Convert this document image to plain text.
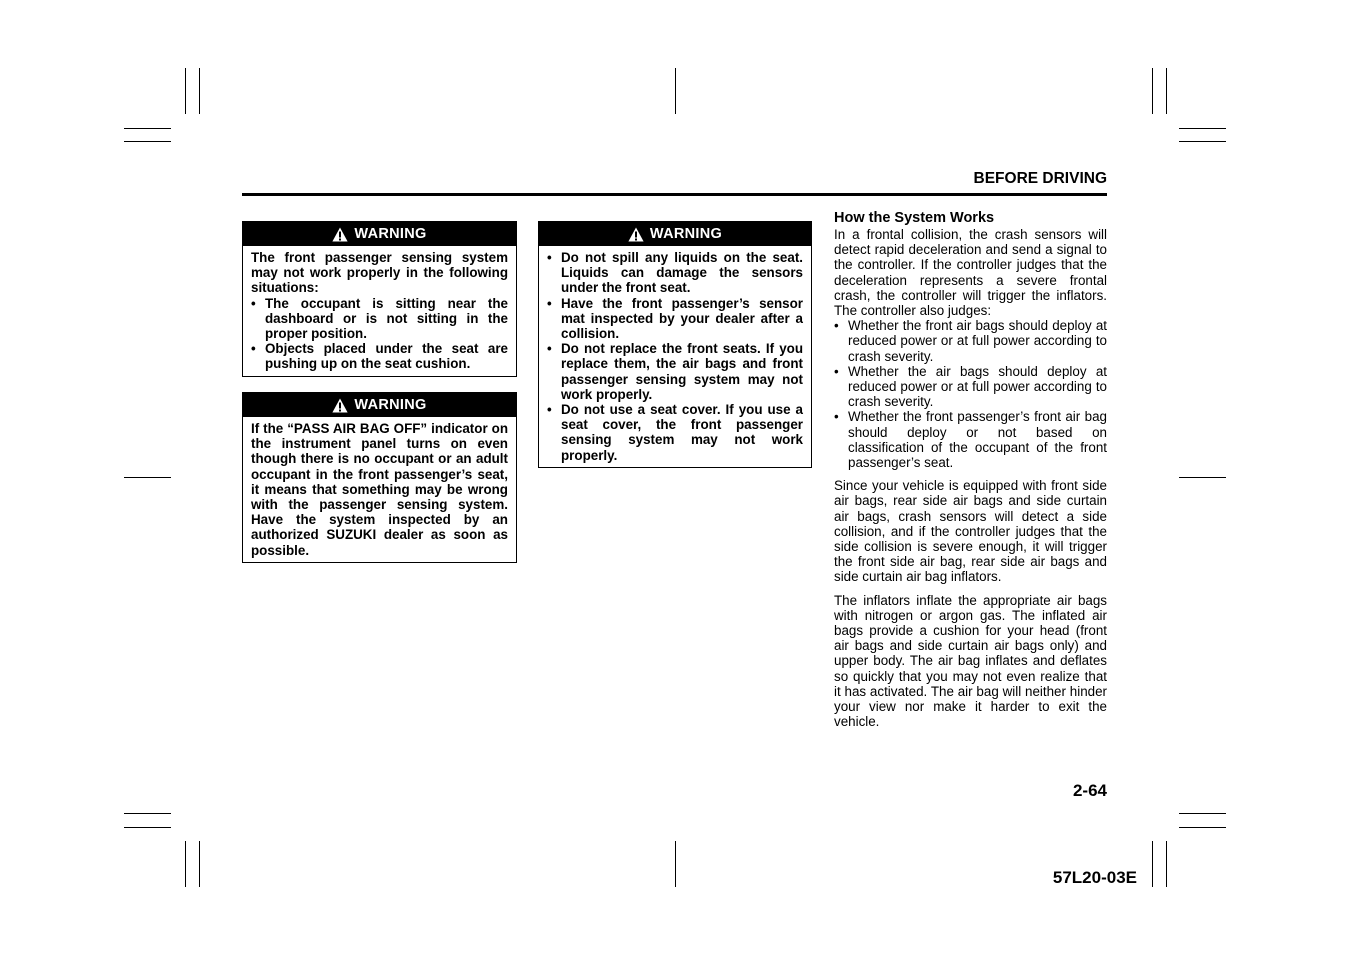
BEFORE DRIVING
WARNING

The front passenger sensing system may not work properly in the following situations:

• The occupant is sitting near the dashboard or is not sitting in the proper position.
• Objects placed under the seat are pushing up on the seat cushion.
WARNING

If the “PASS AIR BAG OFF” indicator on the instrument panel turns on even though there is no occupant or an adult occupant in the front passenger’s seat, it means that something may be wrong with the passenger sensing system. Have the system inspected by an authorized SUZUKI dealer as soon as possible.

WARNING
• Do not spill any liquids on the seat. Liquids can damage the sensors under the front seat.
• Have the front passenger’s sensor mat inspected by your dealer after a collision.
• Do not replace the front seats. If you replace them, the air bags and front passenger sensing system may not work properly.
• Do not use a seat cover. If you use a seat cover, the front passenger sensing system may not work properly.
How the System Works

In a frontal collision, the crash sensors will detect rapid deceleration and send a signal to the controller. If the controller judges that the deceleration represents a severe frontal crash, the controller will trigger the inflators. The controller also judges:

• Whether the front air bags should deploy at reduced power or at full power according to crash severity.
• Whether the air bags should deploy at reduced power or at full power according to crash severity.
• Whether the front passenger’s front air bag should deploy or not based on classification of the occupant of the front passenger’s seat.

Since your vehicle is equipped with front side air bags, rear side air bags and side curtain air bags, crash sensors will detect a side collision, and if the controller judges that the side collision is severe enough, it will trigger the front side air bag, rear side air bags and side curtain air bag inflators.

The inflators inflate the appropriate air bags with nitrogen or argon gas. The inflated air bags provide a cushion for your head (front air bags and side curtain air bags only) and upper body. The air bag inflates and deflates so quickly that you may not even realize that it has activated. The air bag will neither hinder your view nor make it harder to exit the vehicle.

2-64
57L20-03E
